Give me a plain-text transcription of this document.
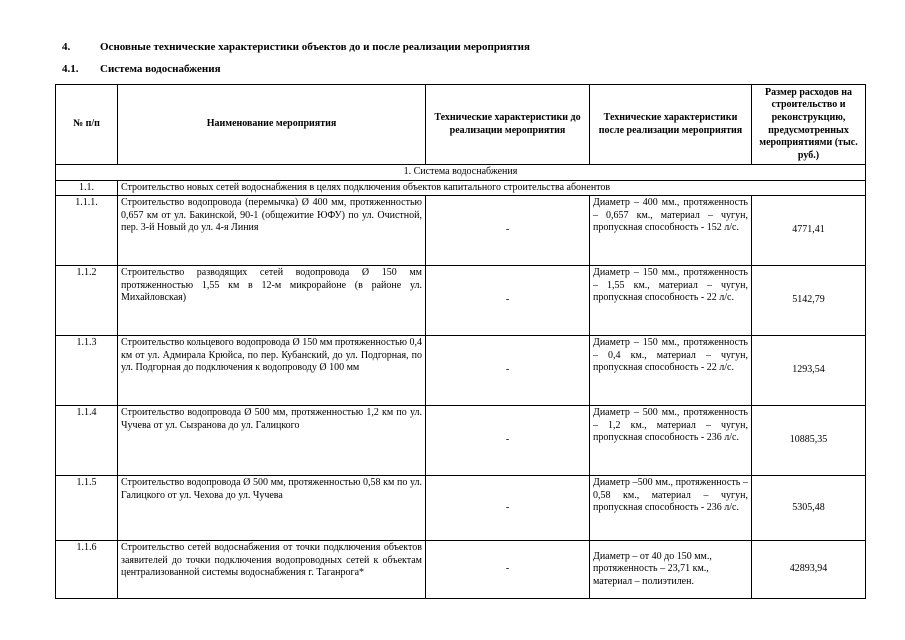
4.	Основные технические характеристики объектов до и после реализации мероприятия
4.1. Система водоснабжения
№ п/п	Наименование мероприятия	Технические характеристики до реализации мероприятия	Технические характеристики после реализации мероприятия	Размер расходов на строительство и реконструкцию, предусмотренных мероприятиями (тыс. руб.)
1. Система водоснабжения				
1.1.	Строительство новых сетей водоснабжения в целях подключения объектов капитального строительства абонентов			
1.1.1.	Строительство водопровода (перемычка) Ø 400 мм, протяженностью 0,657 км от ул. Бакинской, 90-1 (общежитие ЮФУ) по ул. Очистной, пер. 3-й Новый до ул. 4-я Линия	-	Диаметр – 400 мм., протяженность – 0,657 км., материал – чугун, пропускная способность - 152 л/с.	4771,41
1.1.2	Строительство разводящих сетей водопровода Ø 150 мм протяженностью 1,55 км в 12-м микрорайоне (в районе ул. Михайловская)	-	Диаметр – 150 мм., протяженность – 1,55 км., материал – чугун, пропускная способность - 22 л/с.	5142,79
1.1.3	Строительство кольцевого водопровода Ø 150 мм протяженностью 0,4 км от ул. Адмирала Крюйса, по пер. Кубанский, до ул. Подгорная, по ул. Подгорная до подключения к водопроводу Ø 100 мм	-	Диаметр – 150 мм., протяженность – 0,4 км., материал – чугун, пропускная способность - 22 л/с.	1293,54
1.1.4	Строительство водопровода Ø 500 мм, протяженностью 1,2 км по ул. Чучева от ул. Сызранова до ул. Галицкого	-	Диаметр – 500 мм., протяженность – 1,2 км., материал – чугун, пропускная способность - 236 л/с.	10885,35
1.1.5	Строительство водопровода Ø 500 мм, протяженностью 0,58 км по ул. Галицкого от ул. Чехова до ул. Чучева	-	Диаметр –500 мм., протяженность – 0,58 км., материал – чугун, пропускная способность - 236 л/с.	5305,48
1.1.6	Строительство сетей водоснабжения от точки подключения объектов заявителей до точки подключения водопроводных сетей к объектам централизованной системы водоснабжения г. Таганрога*	-	Диаметр – от 40 до 150 мм., протяженность – 23,71 км., материал – полиэтилен.	42893,94
